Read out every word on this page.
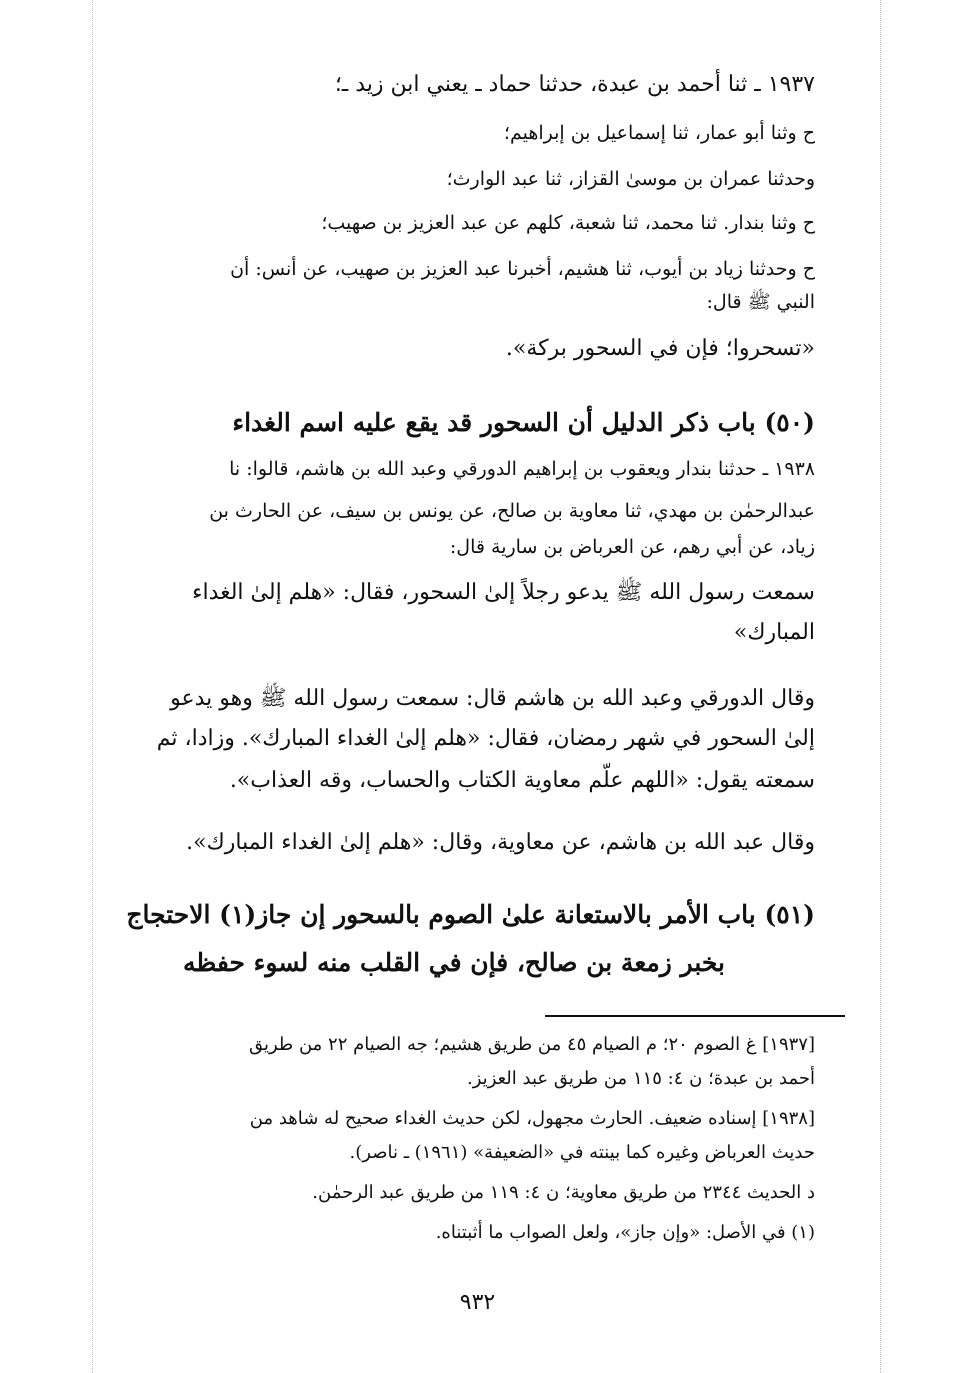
١٩٣٧ ـ ثنا أحمد بن عبدة، حدثنا حماد ـ يعني ابن زيد ـ؛
ح وثنا أبو عمار، ثنا إسماعيل بن إبراهيم؛
وحدثنا عمران بن موسىٰ القزاز، ثنا عبد الوارث؛
ح وثنا بندار. ثنا محمد، ثنا شعبة، كلهم عن عبد العزيز بن صهيب؛
ح وحدثنا زياد بن أيوب، ثنا هشيم، أخبرنا عبد العزيز بن صهيب، عن أنس: أن
النبي ﷺ قال:
«تسحروا؛ فإن في السحور بركة».
(٥٠) باب ذكر الدليل أن السحور قد يقع عليه اسم الغداء
١٩٣٨ ـ حدثنا بندار ويعقوب بن إبراهيم الدورقي وعبد الله بن هاشم، قالوا: نا
عبدالرحمٰن بن مهدي، ثنا معاوية بن صالح، عن يونس بن سيف، عن الحارث بن
زياد، عن أبي رهم، عن العرباض بن سارية قال:
سمعت رسول الله ﷺ يدعو رجلاً إلىٰ السحور، فقال: «هلم إلىٰ الغداء
المبارك»
وقال الدورقي وعبد الله بن هاشم قال: سمعت رسول الله ﷺ وهو يدعو
إلىٰ السحور في شهر رمضان، فقال: «هلم إلىٰ الغداء المبارك». وزادا، ثم
سمعته يقول: «اللهم علّم معاوية الكتاب والحساب، وقه العذاب».
وقال عبد الله بن هاشم، عن معاوية، وقال: «هلم إلىٰ الغداء المبارك».
(٥١) باب الأمر بالاستعانة علىٰ الصوم بالسحور إن جاز(١) الاحتجاج
بخبر زمعة بن صالح، فإن في القلب منه لسوء حفظه
[١٩٣٧] غ الصوم ٢٠؛ م الصيام ٤٥ من طريق هشيم؛ جه الصيام ٢٢ من طريق
أحمد بن عبدة؛ ن ٤: ١١٥ من طريق عبد العزيز.
[١٩٣٨] إسناده ضعيف. الحارث مجهول، لكن حديث الغداء صحيح له شاهد من
حديث العرباض وغيره كما بينته في «الضعيفة» (١٩٦١) ـ ناصر).
د الحديث ٢٣٤٤ من طريق معاوية؛ ن ٤: ١١٩ من طريق عبد الرحمٰن.
(١) في الأصل: «وإن جاز»، ولعل الصواب ما أثبتناه.
٩٣٢
